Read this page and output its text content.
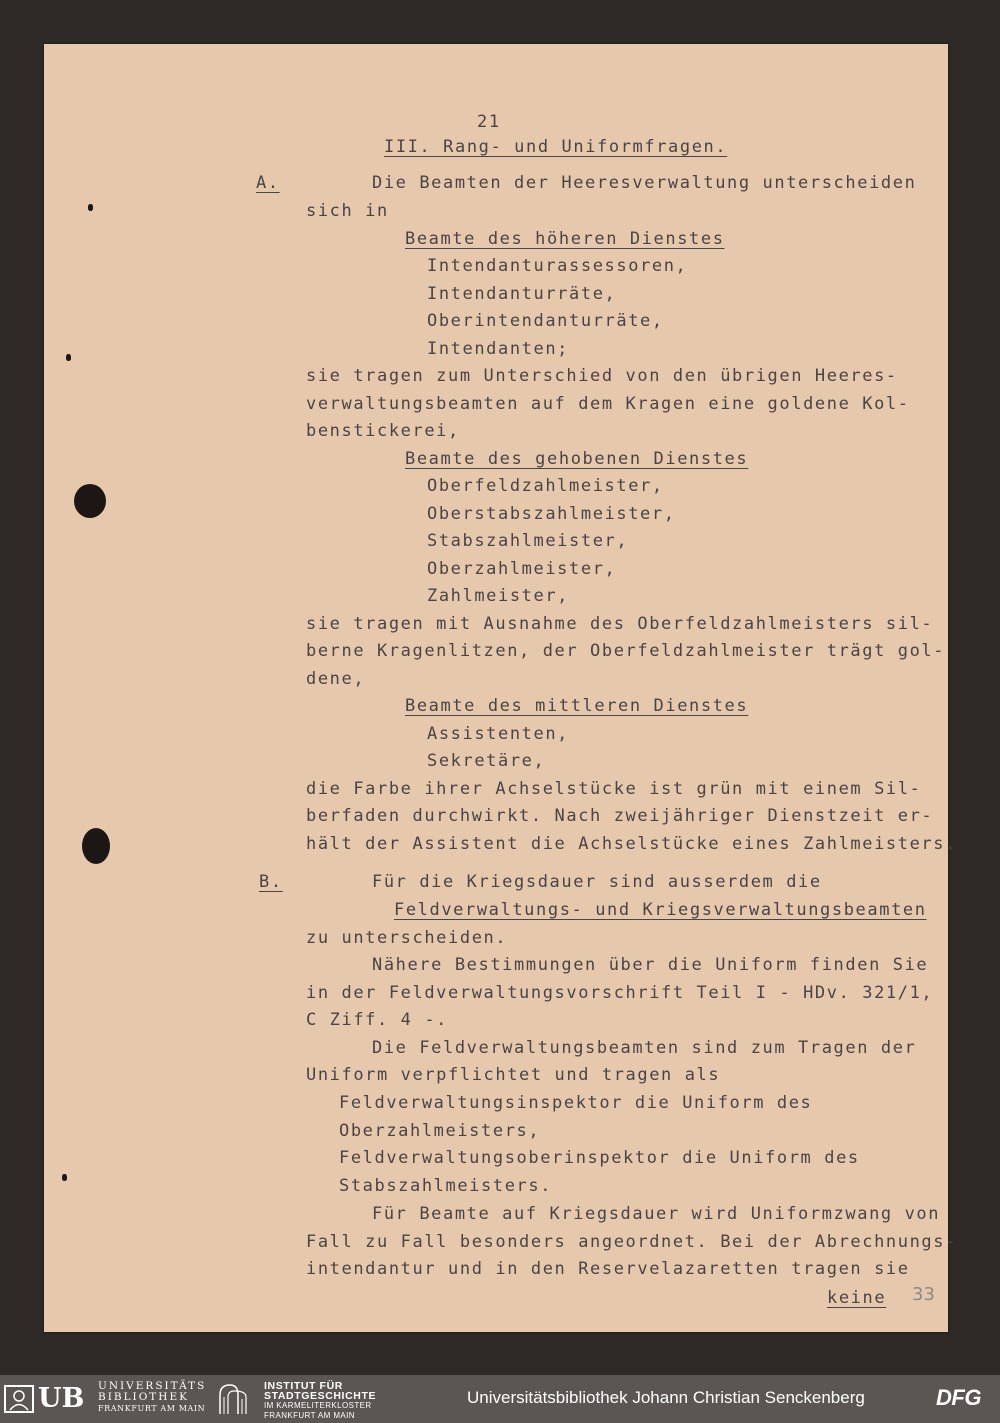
21
III. Rang- und Uniformfragen.
A.	Die Beamten der Heeresverwaltung unterscheiden
sich in
Beamte des höheren Dienstes
Intendanturassessoren,
Intendanturräte,
Oberintendanturräte,
Intendanten;
sie tragen zum Unterschied von den übrigen Heeres-
verwaltungsbeamten auf dem Kragen eine goldene Kol-
benstickerei,
Beamte des gehobenen Dienstes
Oberfeldzahlmeister,
Oberstabszahlmeister,
Stabszahlmeister,
Oberzahlmeister,
Zahlmeister,
sie tragen mit Ausnahme des Oberfeldzahlmeisters sil-
berne Kragenlitzen, der Oberfeldzahlmeister trägt gol-
dene,
Beamte des mittleren Dienstes
Assistenten,
Sekretäre,
die Farbe ihrer Achselstücke ist grün mit einem Sil-
berfaden durchwirkt. Nach zweijähriger Dienstzeit er-
hält der Assistent die Achselstücke eines Zahlmeisters.
B.	Für die Kriegsdauer sind ausserdem die
Feldverwaltungs- und Kriegsverwaltungsbeamten
zu unterscheiden.
Nähere Bestimmungen über die Uniform finden Sie
in der Feldverwaltungsvorschrift Teil I - HDv. 321/1,
C Ziff. 4 -.
Die Feldverwaltungsbeamten sind zum Tragen der
Uniform verpflichtet und tragen als
Feldverwaltungsinspektor die Uniform des
Oberzahlmeisters,
Feldverwaltungsoberinspektor die Uniform des
Stabszahlmeisters.
Für Beamte auf Kriegsdauer wird Uniformzwang von
Fall zu Fall besonders angeordnet. Bei der Abrechnungs-
intendantur und in den Reservelazaretten tragen sie
keine 33
UB UNIVERSITÄTS
BIBLIOTHEK
FRANKFURT AM MAIN
INSTITUT FÜR
STADTGESCHICHTE
IM KARMELITERKLOSTER
FRANKFURT AM MAIN
Universitätsbibliothek Johann Christian Senckenberg	DFG
